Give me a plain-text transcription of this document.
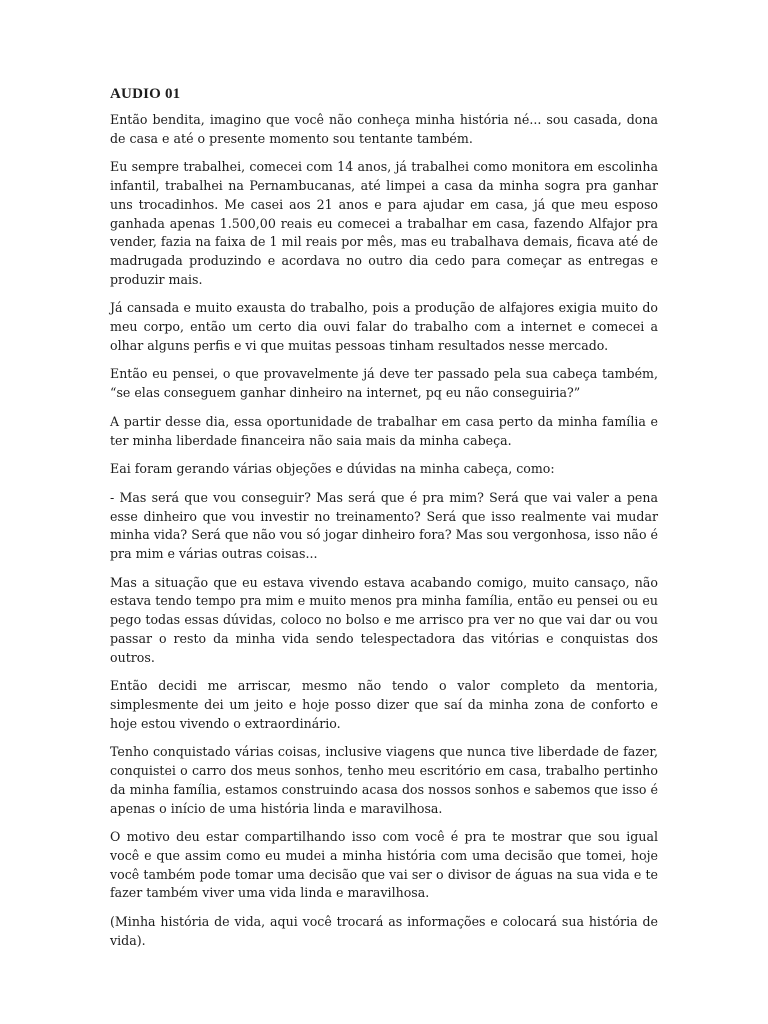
AUDIO 01

Então bendita, imagino que você não conheça minha história né... sou casada, dona de casa e até o presente momento sou tentante também.

Eu sempre trabalhei, comecei com 14 anos, já trabalhei como monitora em escolinha infantil, trabalhei na Pernambucanas, até limpei a casa da minha sogra pra ganhar uns trocadinhos. Me casei aos 21 anos e para ajudar em casa, já que meu esposo ganhada apenas 1.500,00 reais eu comecei a trabalhar em casa, fazendo Alfajor pra vender, fazia na faixa de 1 mil reais por mês, mas eu trabalhava demais, ficava até de madrugada produzindo e acordava no outro dia cedo para começar as entregas e produzir mais.

Já cansada e muito exausta do trabalho, pois a produção de alfajores exigia muito do meu corpo, então um certo dia ouvi falar do trabalho com a internet e comecei a olhar alguns perfis e vi que muitas pessoas tinham resultados nesse mercado.

Então eu pensei, o que provavelmente já deve ter passado pela sua cabeça também, “se elas conseguem ganhar dinheiro na internet, pq eu não conseguiria?”

A partir desse dia, essa oportunidade de trabalhar em casa perto da minha família e ter minha liberdade financeira não saia mais da minha cabeça.

Eai foram gerando várias objeções e dúvidas na minha cabeça, como:

- Mas será que vou conseguir? Mas será que é pra mim? Será que vai valer a pena esse dinheiro que vou investir no treinamento? Será que isso realmente vai mudar minha vida? Será que não vou só jogar dinheiro fora? Mas sou vergonhosa, isso não é pra mim e várias outras coisas...

Mas a situação que eu estava vivendo estava acabando comigo, muito cansaço, não estava tendo tempo pra mim e muito menos pra minha família, então eu pensei ou eu pego todas essas dúvidas, coloco no bolso e me arrisco pra ver no que vai dar ou vou passar o resto da minha vida sendo telespectadora das vitórias e conquistas dos outros.

Então decidi me arriscar, mesmo não tendo o valor completo da mentoria, simplesmente dei um jeito e hoje posso dizer que saí da minha zona de conforto e hoje estou vivendo o extraordinário.

Tenho conquistado várias coisas, inclusive viagens que nunca tive liberdade de fazer, conquistei o carro dos meus sonhos, tenho meu escritório em casa, trabalho pertinho da minha família, estamos construindo acasa dos nossos sonhos e sabemos que isso é apenas o início de uma história linda e maravilhosa.

O motivo deu estar compartilhando isso com você é pra te mostrar que sou igual você e que assim como eu mudei a minha história com uma decisão que tomei, hoje você também pode tomar uma decisão que vai ser o divisor de águas na sua vida e te fazer também viver uma vida linda e maravilhosa.

(Minha história de vida, aqui você trocará as informações e colocará sua história de vida).
